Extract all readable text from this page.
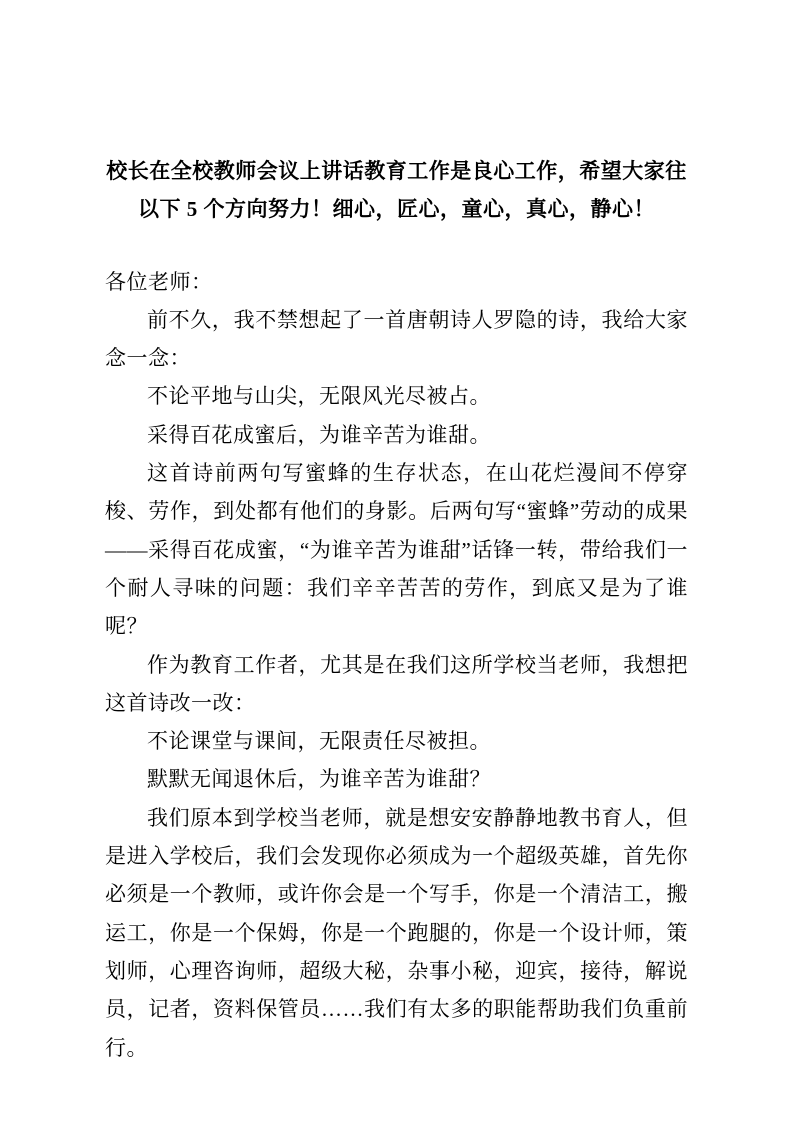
校长在全校教师会议上讲话教育工作是良心工作，希望大家往以下 5 个方向努力！细心，匠心，童心，真心，静心！

各位老师：

前不久，我不禁想起了一首唐朝诗人罗隐的诗，我给大家念一念：

不论平地与山尖，无限风光尽被占。

采得百花成蜜后，为谁辛苦为谁甜。

这首诗前两句写蜜蜂的生存状态，在山花烂漫间不停穿梭、劳作，到处都有他们的身影。后两句写“蜜蜂”劳动的成果——采得百花成蜜，“为谁辛苦为谁甜”话锋一转，带给我们一个耐人寻味的问题：我们辛辛苦苦的劳作，到底又是为了谁呢？

作为教育工作者，尤其是在我们这所学校当老师，我想把这首诗改一改：

不论课堂与课间，无限责任尽被担。

默默无闻退休后，为谁辛苦为谁甜？

我们原本到学校当老师，就是想安安静静地教书育人，但是进入学校后，我们会发现你必须成为一个超级英雄，首先你必须是一个教师，或许你会是一个写手，你是一个清洁工，搬运工，你是一个保姆，你是一个跑腿的，你是一个设计师，策划师，心理咨询师，超级大秘，杂事小秘，迎宾，接待，解说员，记者，资料保管员……我们有太多的职能帮助我们负重前行。
